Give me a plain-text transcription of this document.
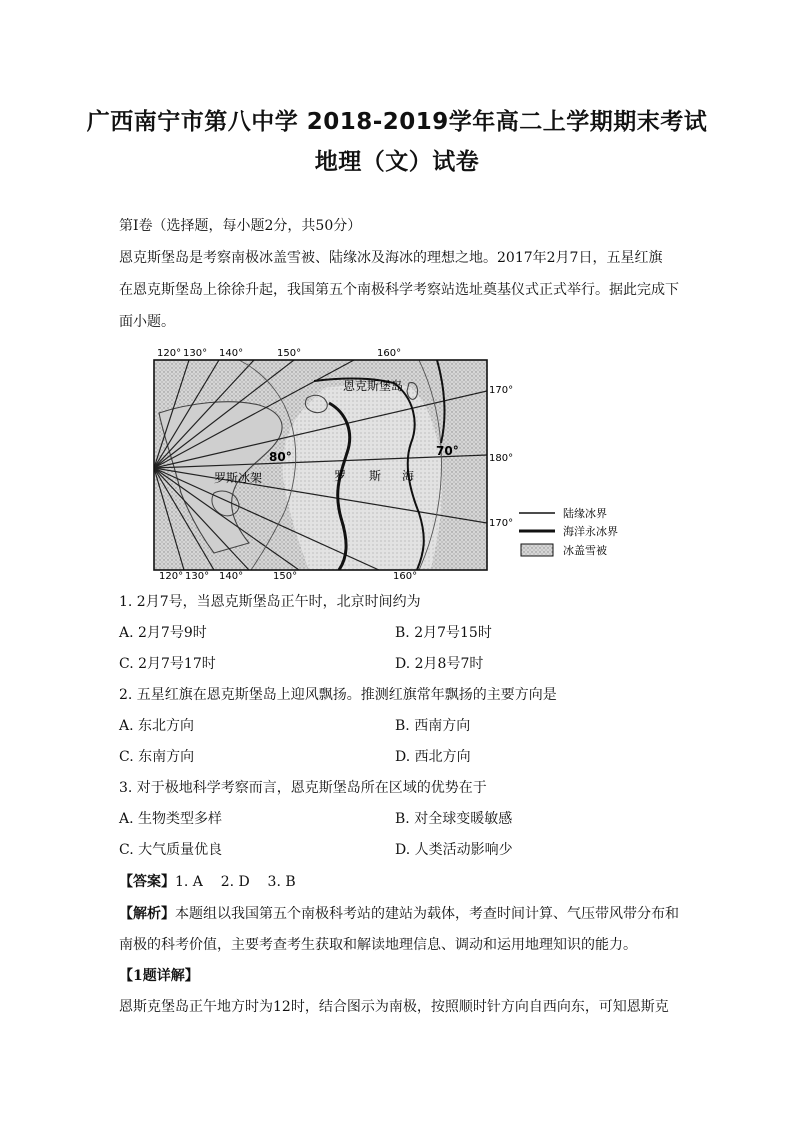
广西南宁市第八中学 2018-2019学年高二上学期期末考试
地理（文）试卷
第Ⅰ卷（选择题，每小题2分，共50分）
恩克斯堡岛是考察南极冰盖雪被、陆缘冰及海冰的理想之地。2017年2月7日，五星红旗
在恩克斯堡岛上徐徐升起，我国第五个南极科学考察站选址奠基仪式正式举行。据此完成下
面小题。
120° 130° 140°	150°	160°
120° 130° 140°	150°	160°
170°
180°
170°
80°	70°
恩克斯堡岛
罗斯冰架	罗 斯 海
陆缘冰界
海洋永冰界
冰盖雪被
1. 2月7号，当恩克斯堡岛正午时，北京时间约为
A. 2月7号9时	B. 2月7号15时
C. 2月7号17时	D. 2月8号7时
2. 五星红旗在恩克斯堡岛上迎风飘扬。推测红旗常年飘扬的主要方向是
A. 东北方向	B. 西南方向
C. 东南方向	D. 西北方向
3. 对于极地科学考察而言，恩克斯堡岛所在区域的优势在于
A. 生物类型多样	B. 对全球变暖敏感
C. 大气质量优良	D. 人类活动影响少
【答案】1. A    2. D    3. B
【解析】本题组以我国第五个南极科考站的建站为载体，考查时间计算、气压带风带分布和
南极的科考价值，主要考查考生获取和解读地理信息、调动和运用地理知识的能力。
【1题详解】
恩斯克堡岛正午地方时为12时，结合图示为南极，按照顺时针方向自西向东，可知恩斯克
